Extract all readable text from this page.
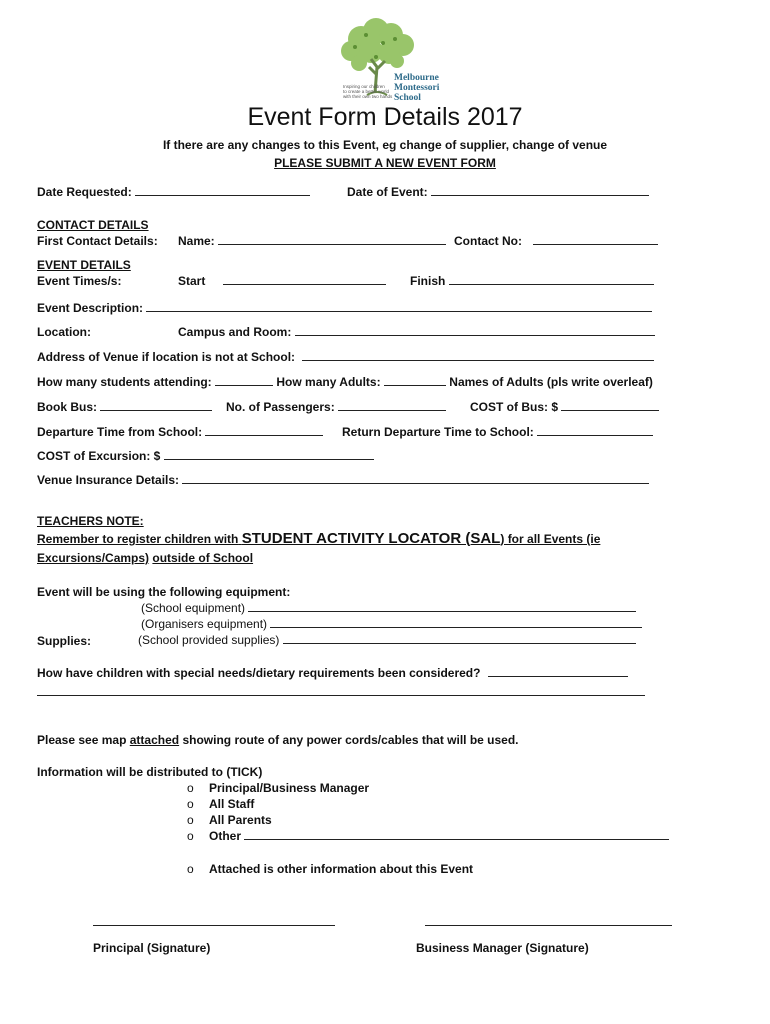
Melbourne
Montessori
School
Inspiring our children
to create a better world
with their own two hands
Event Form Details 2017
If there are any changes to this Event, eg change of supplier, change of venue
PLEASE SUBMIT A NEW EVENT FORM
Date Requested:	Date of Event:
CONTACT DETAILS
First Contact Details: Name:	Contact No:
EVENT DETAILS
Event Times/s:	Start	Finish
Event Description:
Location:	Campus and Room:
Address of Venue if location is not at School:
How many students attending:	How many Adults:	Names of Adults (pls write overleaf)
Book Bus:	No. of Passengers:	COST of Bus: $
Departure Time from School:	Return Departure Time to School:
COST of Excursion: $
Venue Insurance Details:
TEACHERS NOTE:
Remember to register children with STUDENT ACTIVITY LOCATOR (SAL) for all Events (ie
Excursions/Camps) outside of School
Event will be using the following equipment:
(School equipment)
(Organisers equipment)
Supplies:	(School provided supplies)
How have children with special needs/dietary requirements been considered?
Please see map attached showing route of any power cords/cables that will be used.
Information will be distributed to (TICK)
o Principal/Business Manager
o All Staff
o All Parents
o Other
o Attached is other information about this Event
Principal (Signature)	Business Manager (Signature)
